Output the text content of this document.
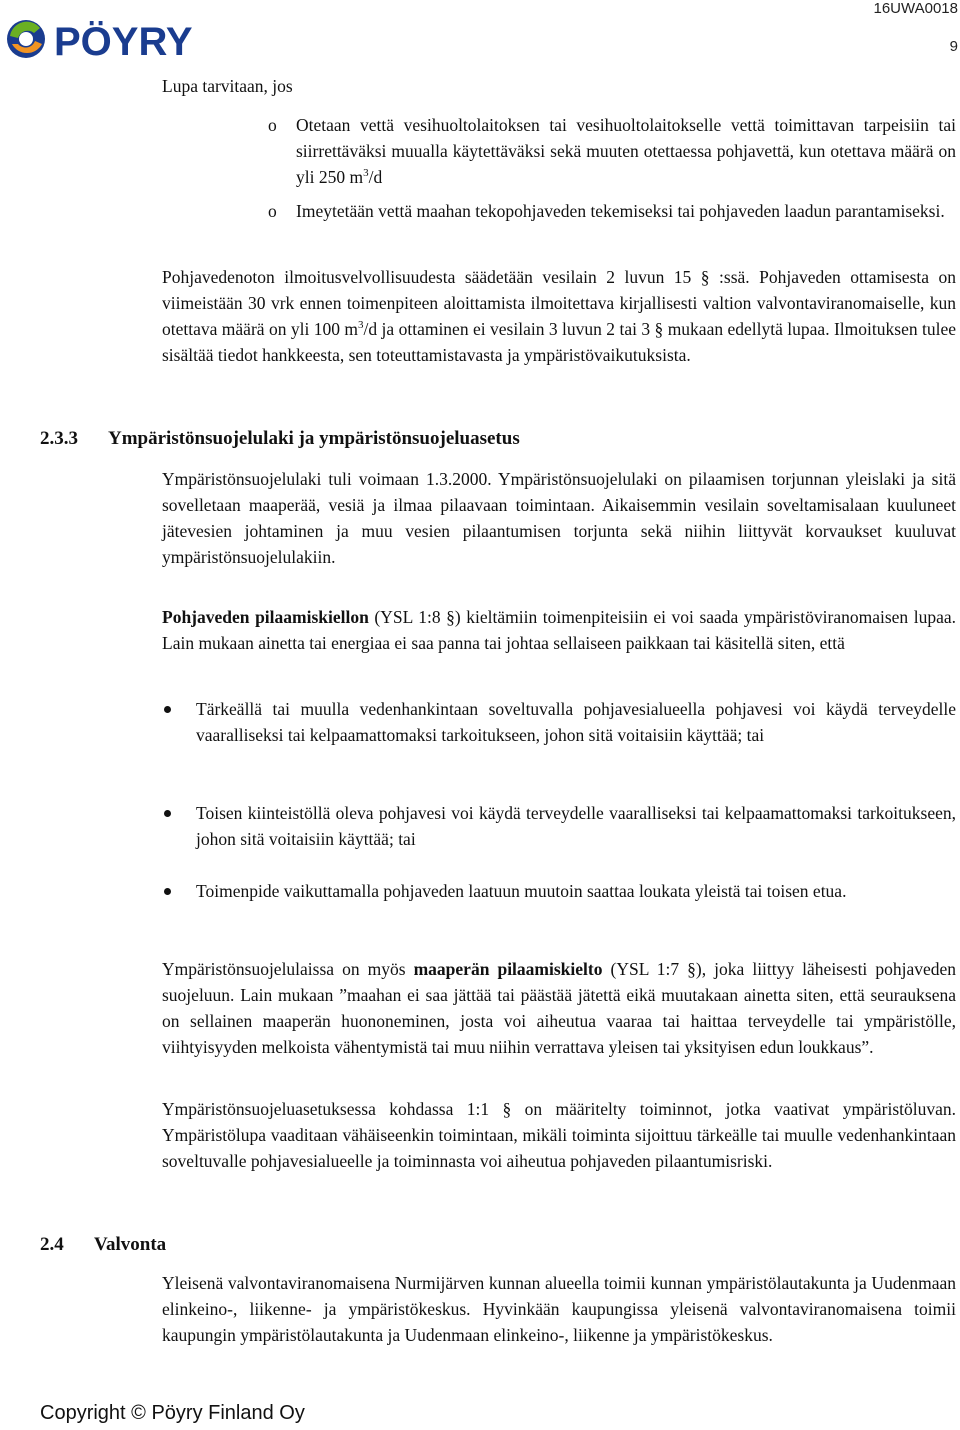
PÖYRY
16UWA0018
9
Lupa tarvitaan, jos
o Otetaan vettä vesihuoltolaitoksen tai vesihuoltolaitokselle vettä toimittavan tarpeisiin tai siirrettäväksi muualla käytettäväksi sekä muuten otettaessa pohjavettä, kun otettava määrä on yli 250 $m^3/d$
o Imeytetään vettä maahan tekopohjaveden tekemiseksi tai pohjaveden laadun parantamiseksi.
Pohjavedenoton ilmoitusvelvollisuudesta säädetään vesilain 2 luvun 15 § :ssä. Pohjaveden ottamisesta on viimeistään 30 vrk ennen toimenpiteen aloittamista ilmoitettava kirjallisesti valtion valvontaviranomaiselle, kun otettava määrä on yli 100 $m^3/d$ ja ottaminen ei vesilain 3 luvun 2 tai 3 § mukaan edellytä lupaa. Ilmoituksen tulee sisältää tiedot hankkeesta, sen toteuttamistavasta ja ympäristövaikutuksista.
2.3.3 Ympäristönsuojelulaki ja ympäristönsuojeluasetus

Ympäristönsuojelulaki tuli voimaan 1.3.2000. Ympäristönsuojelulaki on pilaamisen torjunnan yleislaki ja sitä sovelletaan maaperää, vesiä ja ilmaa pilaavaan toimintaan. Aikaisemmin vesilain soveltamisalaan kuuluneet jätevesien johtaminen ja muu vesien pilaantumisen torjunta sekä niihin liittyvät korvaukset kuuluvat ympäristönsuojelulakiin.

Pohjaveden pilaamiskiellon (YSL 1:8 §) kieltämiin toimenpiteisiin ei voi saada ympäristöviranomaisen lupaa. Lain mukaan ainetta tai energiaa ei saa panna tai johtaa sellaiseen paikkaan tai käsitellä siten, että

Tärkeällä tai muulla vedenhankintaan soveltuvalla pohjavesialueella pohjavesi voi käydä terveydelle vaaralliseksi tai kelpaamattomaksi tarkoitukseen, johon sitä voitaisiin käyttää; tai
Toisen kiinteistöllä oleva pohjavesi voi käydä terveydelle vaaralliseksi tai kelpaamattomaksi tarkoitukseen, johon sitä voitaisiin käyttää; tai
Toimenpide vaikuttamalla pohjaveden laatuun muutoin saattaa loukata yleistä tai toisen etua.

Ympäristönsuojelulaissa on myös maaperän pilaamiskielto (YSL 1:7 §), joka liittyy läheisesti pohjaveden suojeluun. Lain mukaan ”maahan ei saa jättää tai päästää jätettä eikä muutakaan ainetta siten, että seurauksena on sellainen maaperän huononeminen, josta voi aiheutua vaaraa tai haittaa terveydelle tai ympäristölle, viihtyisyyden melkoista vähentymistä tai muu niihin verrattava yleisen tai yksityisen edun loukkaus”.

Ympäristönsuojeluasetuksessa kohdassa 1:1 § on määritelty toiminnot, jotka vaativat ympäristöluvan. Ympäristölupa vaaditaan vähäiseenkin toimintaan, mikäli toiminta sijoittuu tärkeälle tai muulle vedenhankintaan soveltuvalle pohjavesialueelle ja toiminnasta voi aiheutua pohjaveden pilaantumisriski.

2.4 Valvonta

Yleisenä valvontaviranomaisena Nurmijärven kunnan alueella toimii kunnan ympäristölautakunta ja Uudenmaan elinkeino-, liikenne- ja ympäristökeskus. Hyvinkään kaupungissa yleisenä valvontaviranomaisena toimii kaupungin ympäristölautakunta ja Uudenmaan elinkeino-, liikenne ja ympäristökeskus.

Copyright © Pöyry Finland Oy
